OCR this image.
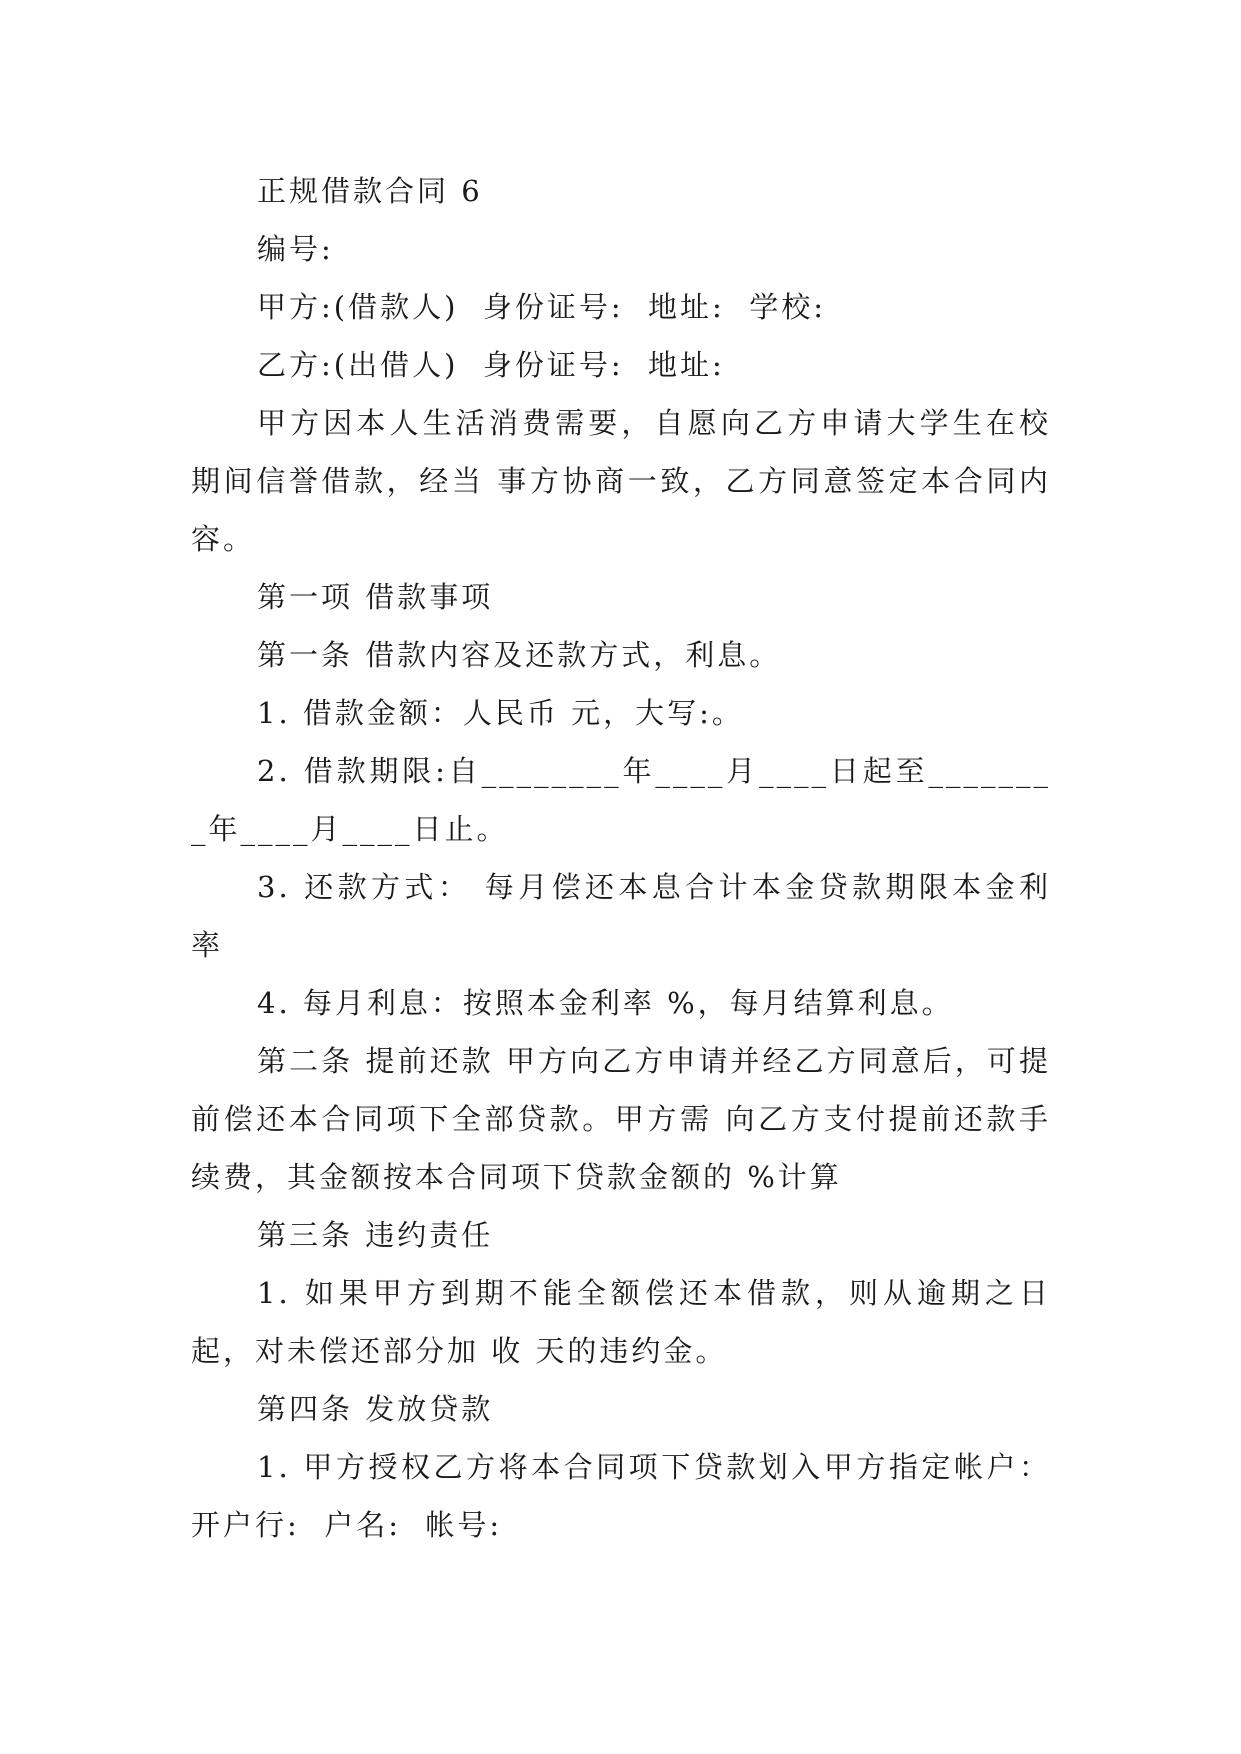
正规借款合同 6
编号:
甲方:(借款人)  身份证号:  地址:  学校:
乙方:(出借人)  身份证号:  地址:
甲方因本人生活消费需要，自愿向乙方申请大学生在校期间信誉借款，经当 事方协商一致，乙方同意签定本合同内容。
第一项 借款事项
第一条 借款内容及还款方式，利息。
1. 借款金额：人民币 元，大写:。
2. 借款期限:自________年____月____日起至________年____月____日止。
3. 还款方式： 每月偿还本息合计本金贷款期限本金利率
4. 每月利息：按照本金利率 %，每月结算利息。
第二条 提前还款 甲方向乙方申请并经乙方同意后，可提前偿还本合同项下全部贷款。甲方需 向乙方支付提前还款手续费，其金额按本合同项下贷款金额的 %计算
第三条 违约责任
1. 如果甲方到期不能全额偿还本借款，则从逾期之日起，对未偿还部分加 收 天的违约金。
第四条 发放贷款
1. 甲方授权乙方将本合同项下贷款划入甲方指定帐户：开户行:  户名:  帐号:
